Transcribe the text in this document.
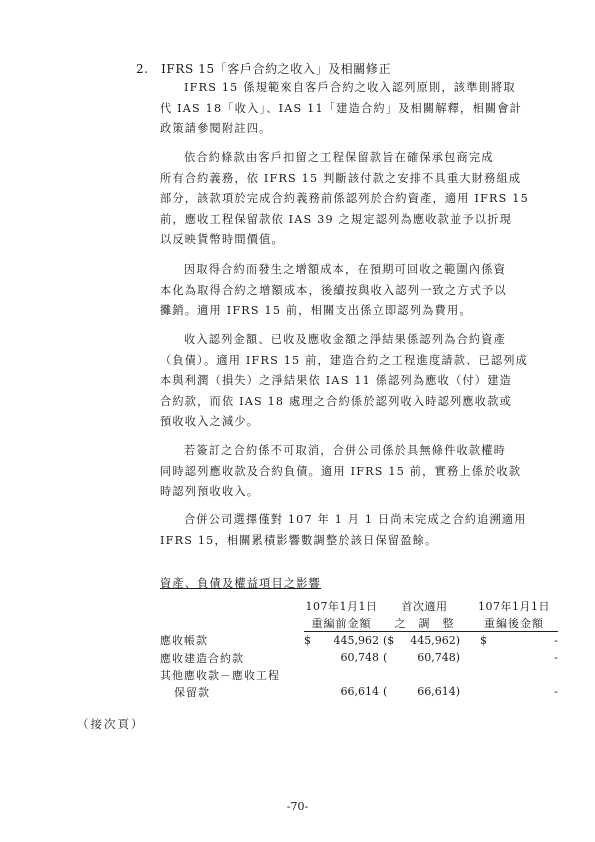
2. IFRS 15「客戶合約之收入」及相關修正
IFRS 15 係規範來自客戶合約之收入認列原則，該準則將取
代 IAS 18「收入」、IAS 11「建造合約」及相關解釋，相關會計
政策請參閱附註四。
依合約條款由客戶扣留之工程保留款旨在確保承包商完成
所有合約義務，依 IFRS 15 判斷該付款之安排不具重大財務組成
部分，該款項於完成合約義務前係認列於合約資產，適用 IFRS 15
前，應收工程保留款依 IAS 39 之規定認列為應收款並予以折現
以反映貨幣時間價值。
因取得合約而發生之增額成本，在預期可回收之範圍內係資
本化為取得合約之增額成本，後續按與收入認列一致之方式予以
攤銷。適用 IFRS 15 前，相關支出係立即認列為費用。
收入認列金額、已收及應收金額之淨結果係認列為合約資產
（負債）。適用 IFRS 15 前，建造合約之工程進度請款、已認列成
本與利潤（損失）之淨結果依 IAS 11 係認列為應收（付）建造
合約款，而依 IAS 18 處理之合約係於認列收入時認列應收款或
預收收入之減少。
若簽訂之合約係不可取消，合併公司係於具無條件收款權時
同時認列應收款及合約負債。適用 IFRS 15 前，實務上係於收款
時認列預收收入。
合併公司選擇僅對 107 年 1 月 1 日尚未完成之合約追溯適用
IFRS 15，相關累積影響數調整於該日保留盈餘。
資產、負債及權益項目之影響
	107年1月1日		首次適用			107年1月1日	
	重編前金額		之　調　整			重編後金額	
應收帳款	$	445,962	($	445,962)		$	-
應收建造合約款		60,748	(	60,748)			-
其他應收款－應收工程							
保留款		66,614	(	66,614)			-
（接次頁）
-70-
